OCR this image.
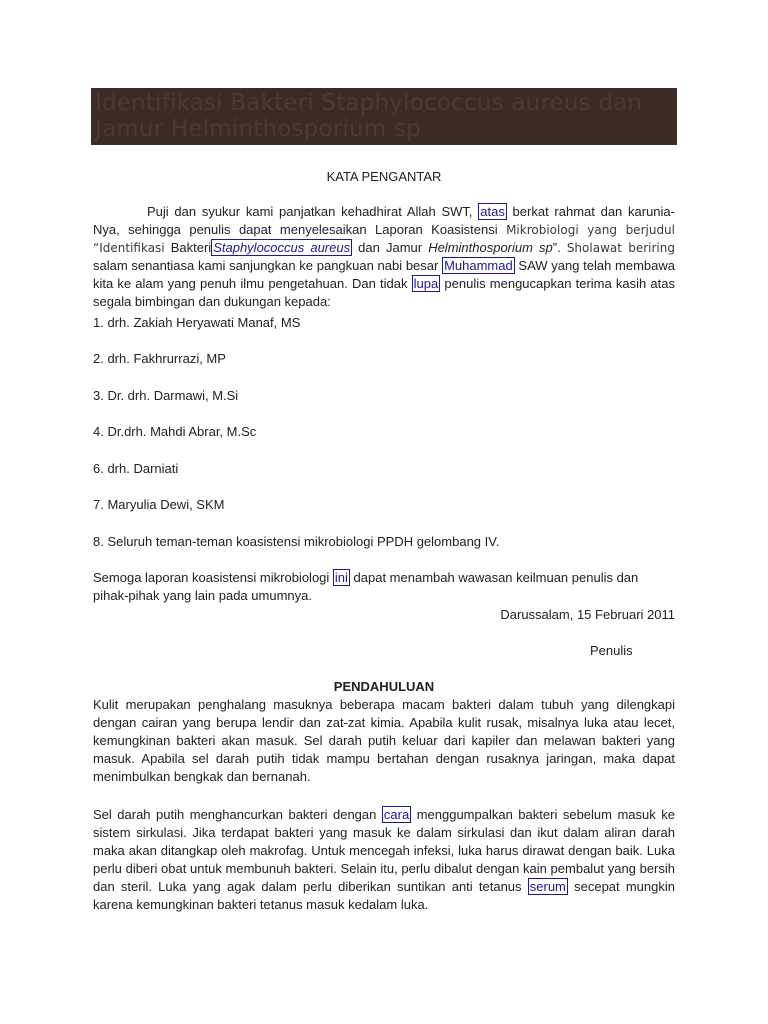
Identifikasi Bakteri Staphylococcus aureus dan
Jamur Helminthosporium sp
KATA PENGANTAR
Puji dan syukur kami panjatkan kehadhirat Allah SWT, atas berkat rahmat dan karunia-Nya, sehingga penulis dapat menyelesaikan Laporan Koasistensi Mikrobiologi yang berjudul “Identifikasi Bakteri Staphylococcus aureus dan Jamur Helminthosporium sp”. Sholawat beriring salam senantiasa kami sanjungkan ke pangkuan nabi besar Muhammad SAW yang telah membawa kita ke alam yang penuh ilmu pengetahuan. Dan tidak lupa penulis mengucapkan terima kasih atas segala bimbingan dan dukungan kepada:
1. drh. Zakiah Heryawati Manaf, MS
2. drh. Fakhrurrazi, MP
3. Dr. drh. Darmawi, M.Si
4. Dr.drh. Mahdi Abrar, M.Sc
6. drh. Darniati
7. Maryulia Dewi, SKM
8. Seluruh teman-teman koasistensi mikrobiologi PPDH gelombang IV.
Semoga laporan koasistensi mikrobiologi ini dapat menambah wawasan keilmuan penulis dan pihak-pihak yang lain pada umumnya.
Darussalam, 15 Februari 2011
Penulis
PENDAHULUAN
Kulit merupakan penghalang masuknya beberapa macam bakteri dalam tubuh yang dilengkapi dengan cairan yang berupa lendir dan zat-zat kimia. Apabila kulit rusak, misalnya luka atau lecet, kemungkinan bakteri akan masuk. Sel darah putih keluar dari kapiler dan melawan bakteri yang masuk. Apabila sel darah putih tidak mampu bertahan dengan rusaknya jaringan, maka dapat menimbulkan bengkak dan bernanah.
Sel darah putih menghancurkan bakteri dengan cara menggumpalkan bakteri sebelum masuk ke sistem sirkulasi. Jika terdapat bakteri yang masuk ke dalam sirkulasi dan ikut dalam aliran darah maka akan ditangkap oleh makrofag. Untuk mencegah infeksi, luka harus dirawat dengan baik. Luka perlu diberi obat untuk membunuh bakteri. Selain itu, perlu dibalut dengan kain pembalut yang bersih dan steril. Luka yang agak dalam perlu diberikan suntikan anti tetanus serum secepat mungkin karena kemungkinan bakteri tetanus masuk kedalam luka.
